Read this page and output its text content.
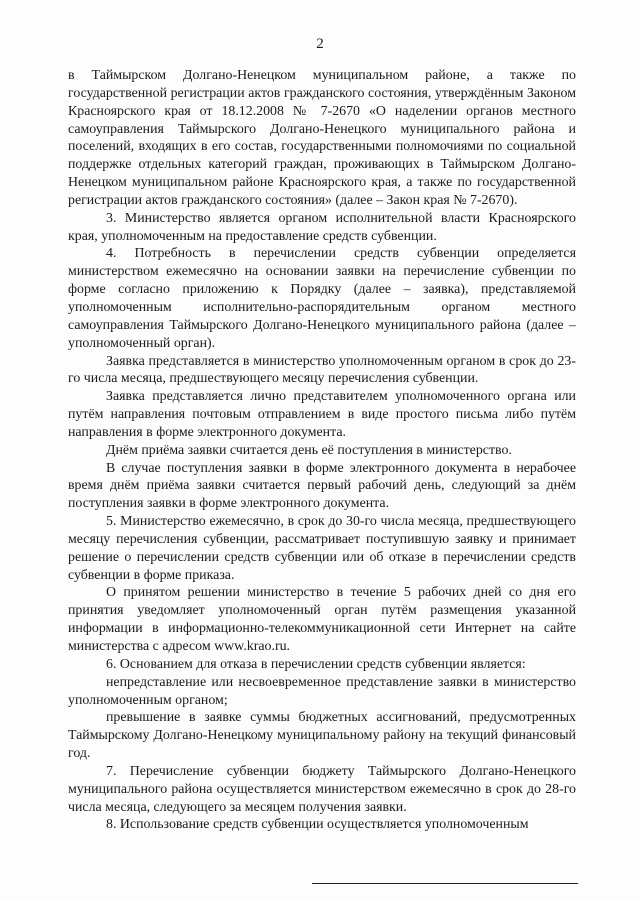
2

в Таймырском Долгано-Ненецком муниципальном районе, а также по государственной регистрации актов гражданского состояния, утверждённым Законом Красноярского края от 18.12.2008 № 7-2670 «О наделении органов местного самоуправления Таймырского Долгано-Ненецкого муниципального района и поселений, входящих в его состав, государственными полномочиями по социальной поддержке отдельных категорий граждан, проживающих в Таймырском Долгано-Ненецком муниципальном районе Красноярского края, а также по государственной регистрации актов гражданского состояния» (далее – Закон края № 7-2670).

3. Министерство является органом исполнительной власти Красноярского края, уполномоченным на предоставление средств субвенции.

4. Потребность в перечислении средств субвенции определяется министерством ежемесячно на основании заявки на перечисление субвенции по форме согласно приложению к Порядку (далее – заявка), представляемой уполномоченным исполнительно-распорядительным органом местного самоуправления Таймырского Долгано-Ненецкого муниципального района (далее – уполномоченный орган).

Заявка представляется в министерство уполномоченным органом в срок до 23-го числа месяца, предшествующего месяцу перечисления субвенции.

Заявка представляется лично представителем уполномоченного органа или путём направления почтовым отправлением в виде простого письма либо путём направления в форме электронного документа.

Днём приёма заявки считается день её поступления в министерство.

В случае поступления заявки в форме электронного документа в нерабочее время днём приёма заявки считается первый рабочий день, следующий за днём поступления заявки в форме электронного документа.

5. Министерство ежемесячно, в срок до 30-го числа месяца, предшествующего месяцу перечисления субвенции, рассматривает поступившую заявку и принимает решение о перечислении средств субвенции или об отказе в перечислении средств субвенции в форме приказа.

О принятом решении министерство в течение 5 рабочих дней со дня его принятия уведомляет уполномоченный орган путём размещения указанной информации в информационно-телекоммуникационной сети Интернет на сайте министерства с адресом www.krao.ru.

6. Основанием для отказа в перечислении средств субвенции является:

непредставление или несвоевременное представление заявки в министерство уполномоченным органом;

превышение в заявке суммы бюджетных ассигнований, предусмотренных Таймырскому Долгано-Ненецкому муниципальному району на текущий финансовый год.

7. Перечисление субвенции бюджету Таймырского Долгано-Ненецкого муниципального района осуществляется министерством ежемесячно в срок до 28-го числа месяца, следующего за месяцем получения заявки.

8. Использование средств субвенции осуществляется уполномоченным
